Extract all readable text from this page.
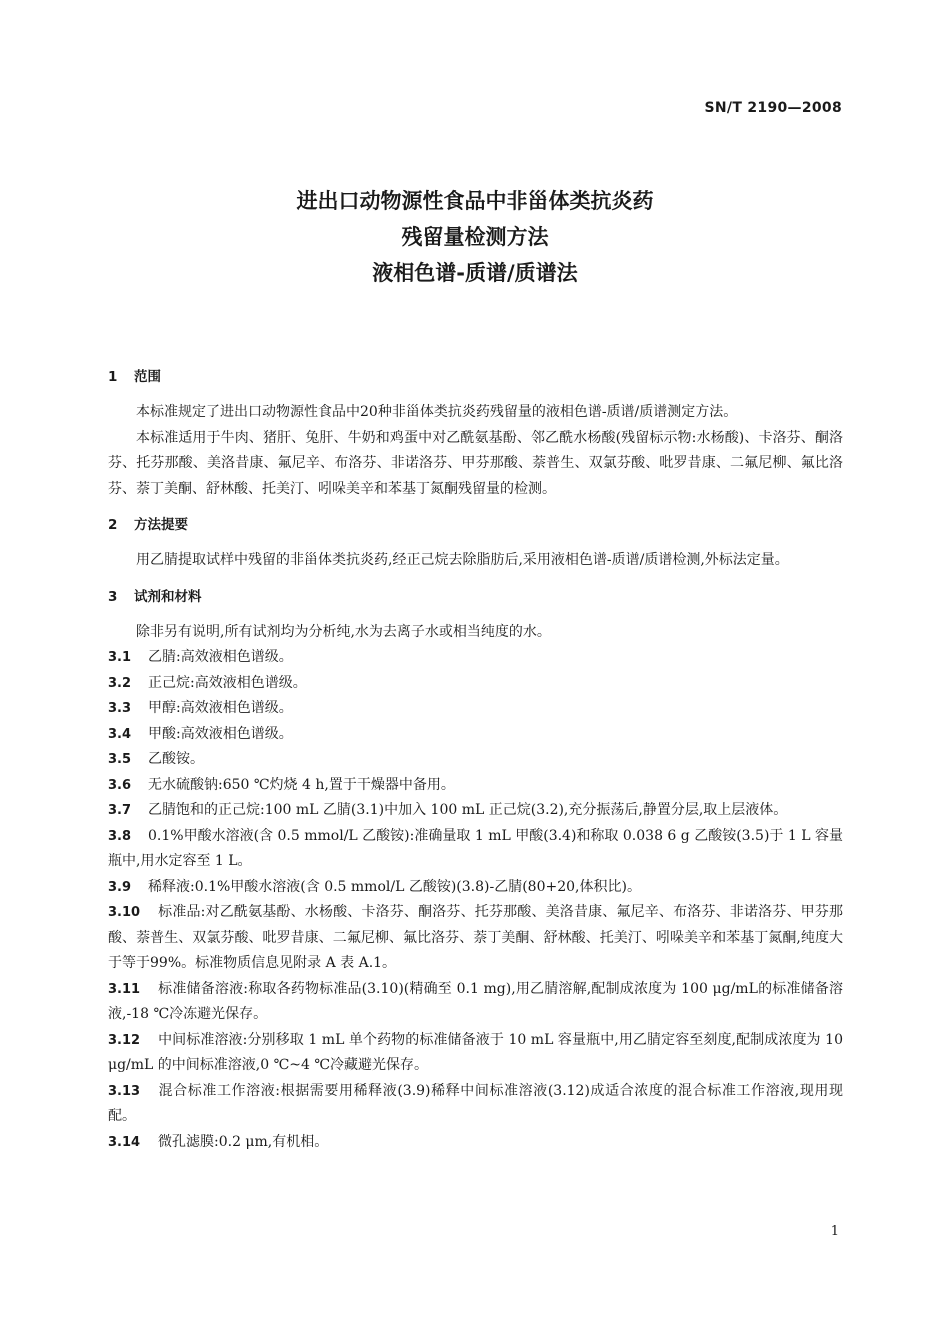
SN/T 2190—2008
进出口动物源性食品中非甾体类抗炎药
残留量检测方法
液相色谱-质谱/质谱法
1 范围
本标准规定了进出口动物源性食品中20种非甾体类抗炎药残留量的液相色谱-质谱/质谱测定方法。
本标准适用于牛肉、猪肝、兔肝、牛奶和鸡蛋中对乙酰氨基酚、邻乙酰水杨酸(残留标示物:水杨酸)、卡洛芬、酮洛芬、托芬那酸、美洛昔康、氟尼辛、布洛芬、非诺洛芬、甲芬那酸、萘普生、双氯芬酸、吡罗昔康、二氟尼柳、氟比洛芬、萘丁美酮、舒林酸、托美汀、吲哚美辛和苯基丁氮酮残留量的检测。
2 方法提要
用乙腈提取试样中残留的非甾体类抗炎药,经正己烷去除脂肪后,采用液相色谱-质谱/质谱检测,外标法定量。
3 试剂和材料
除非另有说明,所有试剂均为分析纯,水为去离子水或相当纯度的水。
3.1 乙腈:高效液相色谱级。
3.2 正己烷:高效液相色谱级。
3.3 甲醇:高效液相色谱级。
3.4 甲酸:高效液相色谱级。
3.5 乙酸铵。
3.6 无水硫酸钠:650 ℃灼烧 4 h,置于干燥器中备用。
3.7 乙腈饱和的正己烷:100 mL 乙腈(3.1)中加入 100 mL 正己烷(3.2),充分振荡后,静置分层,取上层液体。
3.8 0.1%甲酸水溶液(含 0.5 mmol/L 乙酸铵):准确量取 1 mL 甲酸(3.4)和称取 0.038 6 g 乙酸铵(3.5)于 1 L 容量瓶中,用水定容至 1 L。
3.9 稀释液:0.1%甲酸水溶液(含 0.5 mmol/L 乙酸铵)(3.8)-乙腈(80+20,体积比)。
3.10 标准品:对乙酰氨基酚、水杨酸、卡洛芬、酮洛芬、托芬那酸、美洛昔康、氟尼辛、布洛芬、非诺洛芬、甲芬那酸、萘普生、双氯芬酸、吡罗昔康、二氟尼柳、氟比洛芬、萘丁美酮、舒林酸、托美汀、吲哚美辛和苯基丁氮酮,纯度大于等于99%。标准物质信息见附录 A 表 A.1。
3.11 标准储备溶液:称取各药物标准品(3.10)(精确至 0.1 mg),用乙腈溶解,配制成浓度为 100 μg/mL的标准储备溶液,-18 ℃冷冻避光保存。
3.12 中间标准溶液:分别移取 1 mL 单个药物的标准储备液于 10 mL 容量瓶中,用乙腈定容至刻度,配制成浓度为 10 μg/mL 的中间标准溶液,0 ℃~4 ℃冷藏避光保存。
3.13 混合标准工作溶液:根据需要用稀释液(3.9)稀释中间标准溶液(3.12)成适合浓度的混合标准工作溶液,现用现配。
3.14 微孔滤膜:0.2 μm,有机相。
1
